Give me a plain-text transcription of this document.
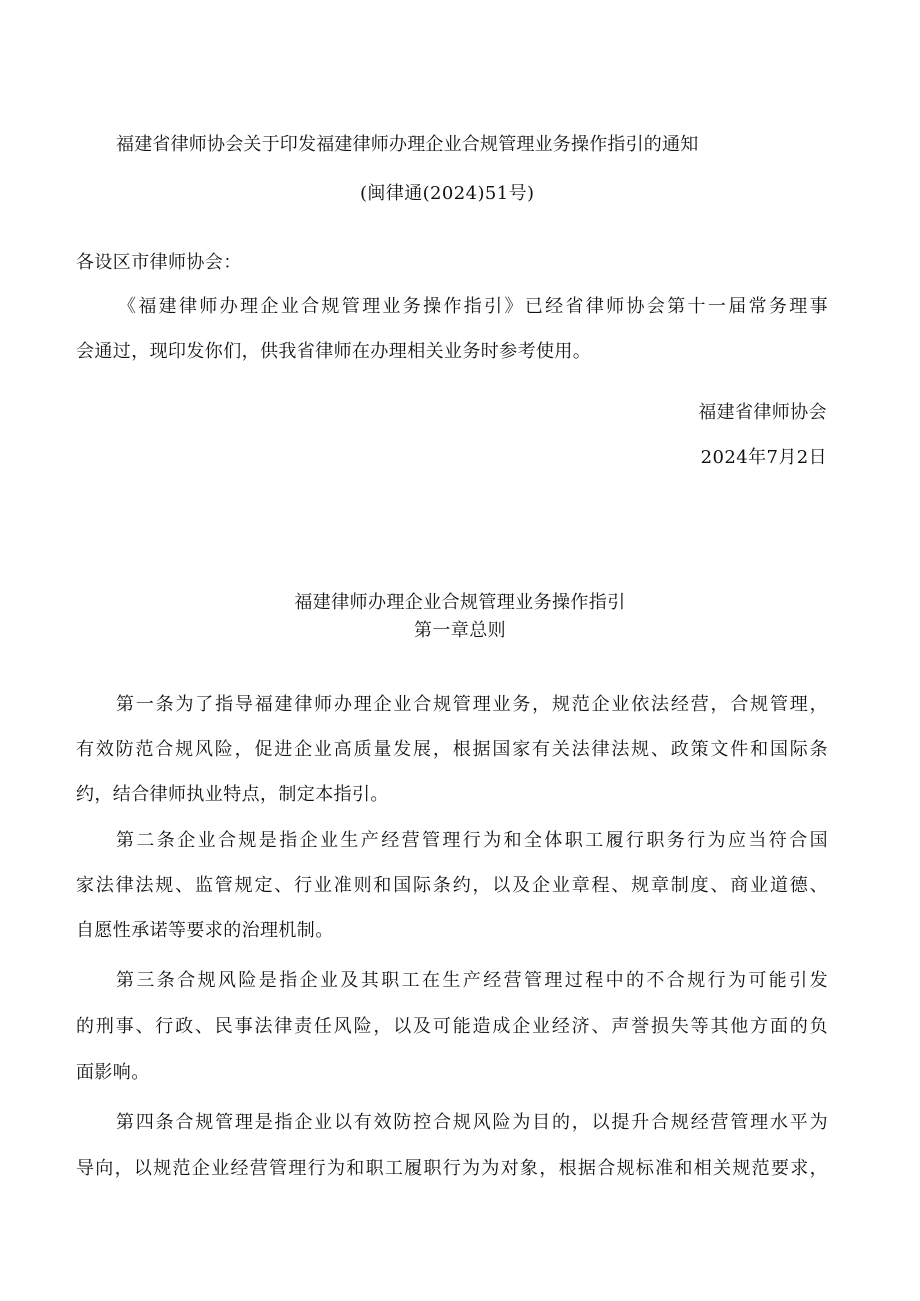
福建省律师协会关于印发福建律师办理企业合规管理业务操作指引的通知
(闽律通(2024)51号)
各设区市律师协会：
《福建律师办理企业合规管理业务操作指引》已经省律师协会第十一届常务理事
会通过，现印发你们，供我省律师在办理相关业务时参考使用。
福建省律师协会
2024年7月2日
福建律师办理企业合规管理业务操作指引
第一章总则
第一条为了指导福建律师办理企业合规管理业务，规范企业依法经营，合规管理，
有效防范合规风险，促进企业高质量发展，根据国家有关法律法规、政策文件和国际条
约，结合律师执业特点，制定本指引。
第二条企业合规是指企业生产经营管理行为和全体职工履行职务行为应当符合国
家法律法规、监管规定、行业准则和国际条约，以及企业章程、规章制度、商业道德、
自愿性承诺等要求的治理机制。
第三条合规风险是指企业及其职工在生产经营管理过程中的不合规行为可能引发
的刑事、行政、民事法律责任风险，以及可能造成企业经济、声誉损失等其他方面的负
面影响。
第四条合规管理是指企业以有效防控合规风险为目的，以提升合规经营管理水平为
导向，以规范企业经营管理行为和职工履职行为为对象，根据合规标准和相关规范要求，
